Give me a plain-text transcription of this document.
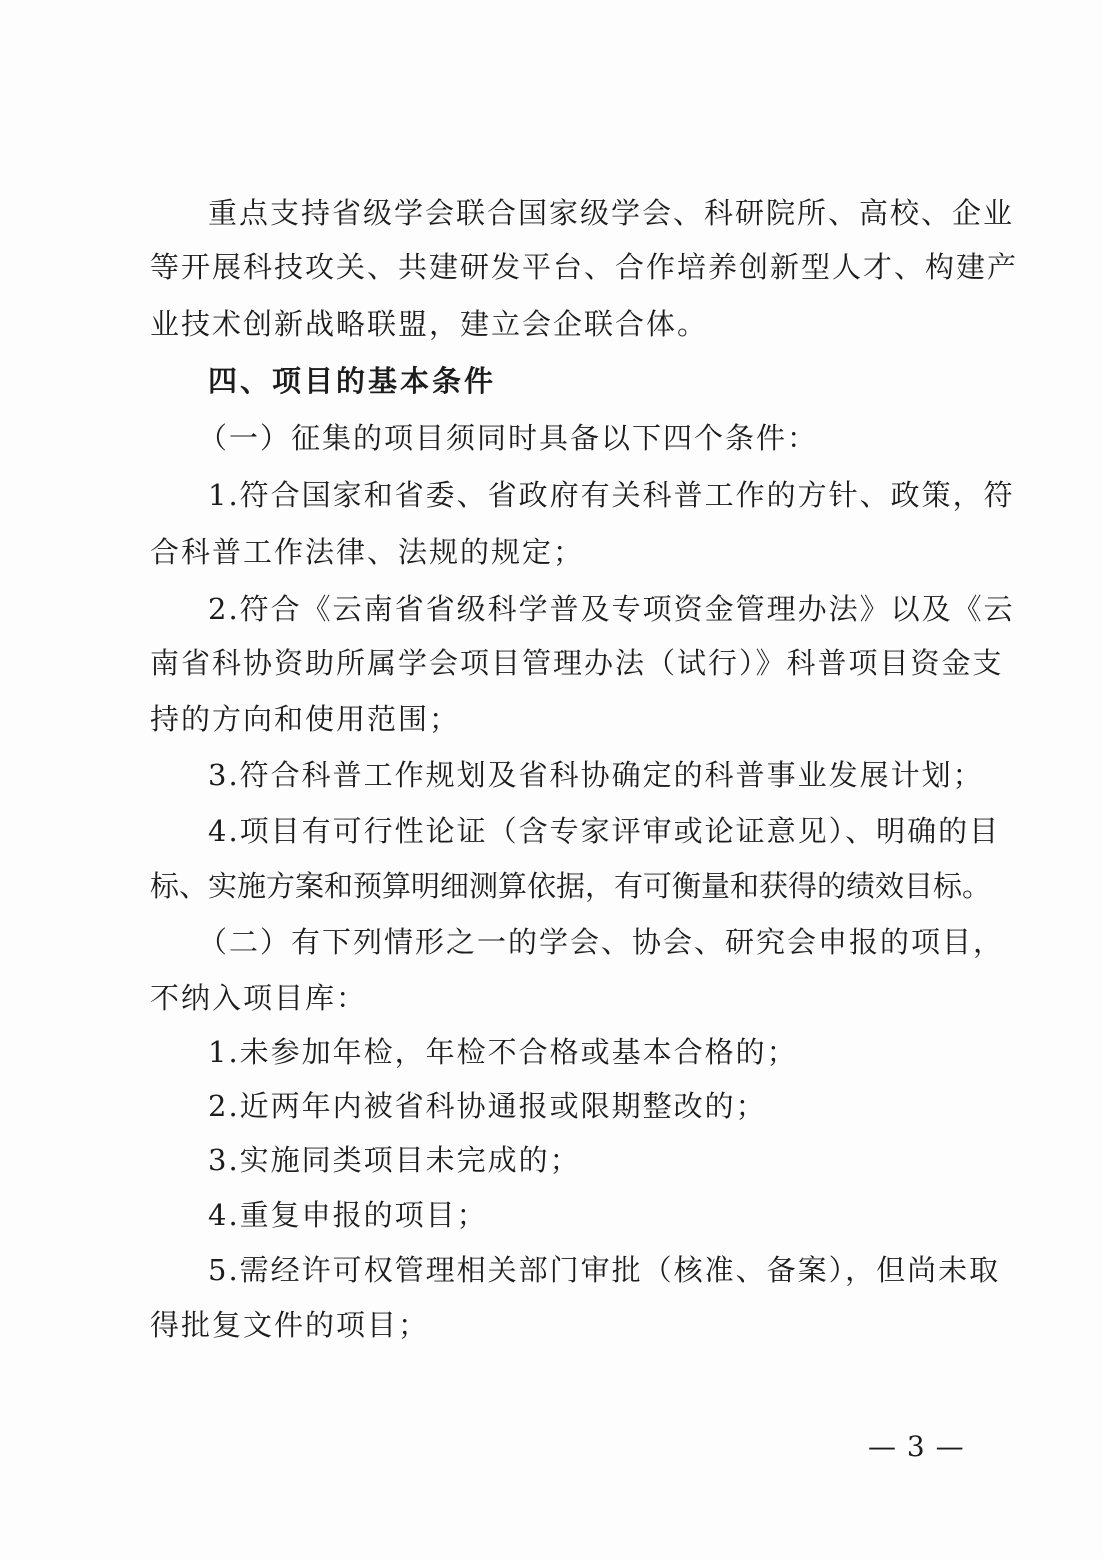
重点支持省级学会联合国家级学会、科研院所、高校、企业
等开展科技攻关、共建研发平台、合作培养创新型人才、构建产
业技术创新战略联盟，建立会企联合体。
四、项目的基本条件
（一）征集的项目须同时具备以下四个条件：
1.符合国家和省委、省政府有关科普工作的方针、政策，符
合科普工作法律、法规的规定；
2.符合《云南省省级科学普及专项资金管理办法》以及《云
南省科协资助所属学会项目管理办法（试行）》科普项目资金支
持的方向和使用范围；
3.符合科普工作规划及省科协确定的科普事业发展计划；
4.项目有可行性论证（含专家评审或论证意见）、明确的目
标、实施方案和预算明细测算依据，有可衡量和获得的绩效目标。
（二）有下列情形之一的学会、协会、研究会申报的项目，
不纳入项目库：
1.未参加年检，年检不合格或基本合格的；
2.近两年内被省科协通报或限期整改的；
3.实施同类项目未完成的；
4.重复申报的项目；
5.需经许可权管理相关部门审批（核准、备案），但尚未取
得批复文件的项目；
— 3 —
